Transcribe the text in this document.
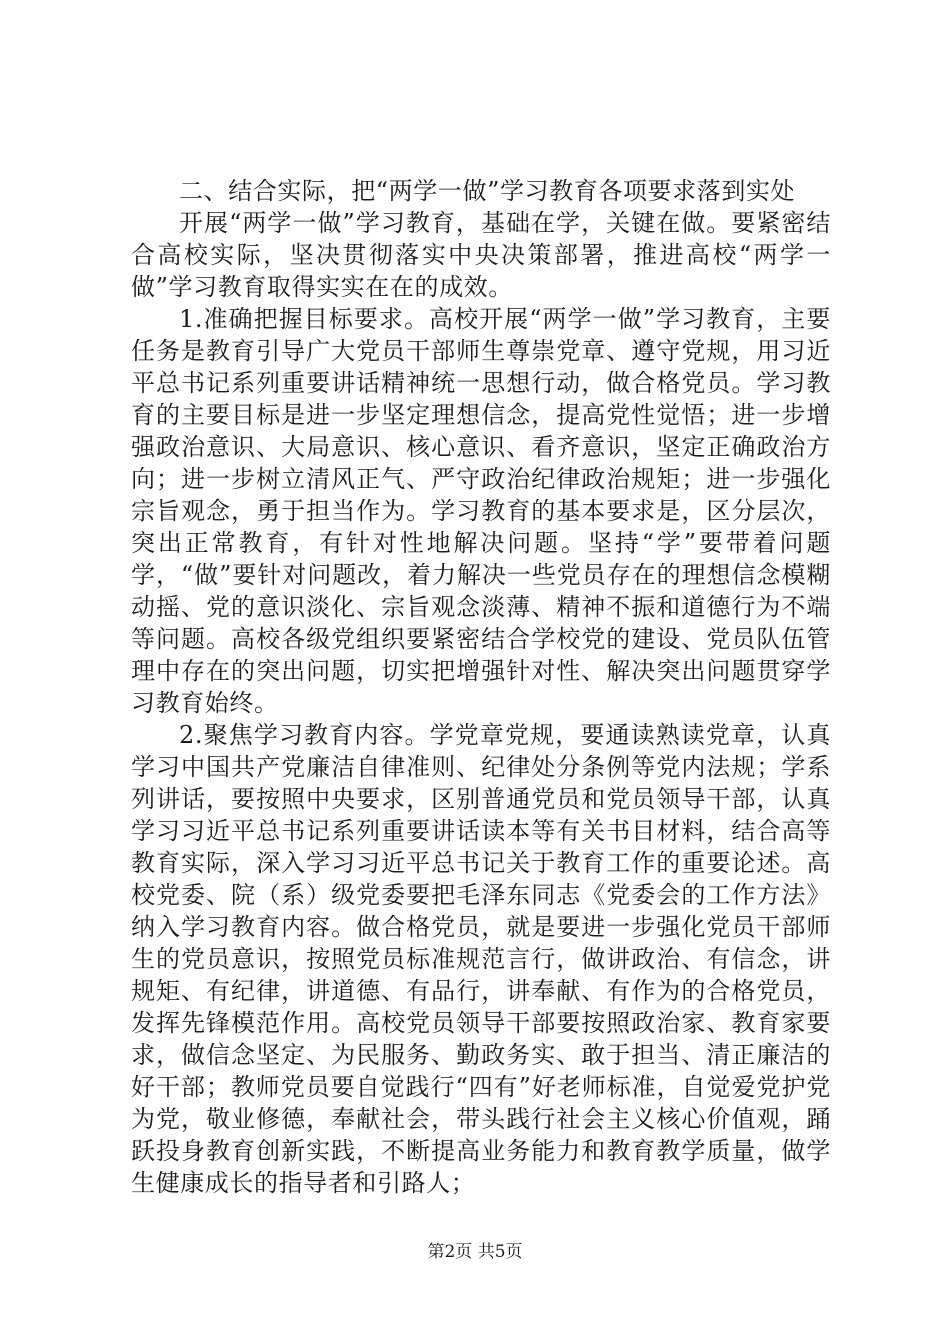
二、结合实际，把“两学一做”学习教育各项要求落到实处

开展“两学一做”学习教育，基础在学，关键在做。要紧密结合高校实际，坚决贯彻落实中央决策部署，推进高校“两学一做”学习教育取得实实在在的成效。

1.准确把握目标要求。高校开展“两学一做”学习教育，主要任务是教育引导广大党员干部师生尊崇党章、遵守党规，用习近平总书记系列重要讲话精神统一思想行动，做合格党员。学习教育的主要目标是进一步坚定理想信念，提高党性觉悟；进一步增强政治意识、大局意识、核心意识、看齐意识，坚定正确政治方向；进一步树立清风正气、严守政治纪律政治规矩；进一步强化宗旨观念，勇于担当作为。学习教育的基本要求是，区分层次，突出正常教育，有针对性地解决问题。坚持“学”要带着问题学，“做”要针对问题改，着力解决一些党员存在的理想信念模糊动摇、党的意识淡化、宗旨观念淡薄、精神不振和道德行为不端等问题。高校各级党组织要紧密结合学校党的建设、党员队伍管理中存在的突出问题，切实把增强针对性、解决突出问题贯穿学习教育始终。

2.聚焦学习教育内容。学党章党规，要通读熟读党章，认真学习中国共产党廉洁自律准则、纪律处分条例等党内法规；学系列讲话，要按照中央要求，区别普通党员和党员领导干部，认真学习习近平总书记系列重要讲话读本等有关书目材料，结合高等教育实际，深入学习习近平总书记关于教育工作的重要论述。高校党委、院（系）级党委要把毛泽东同志《党委会的工作方法》纳入学习教育内容。做合格党员，就是要进一步强化党员干部师生的党员意识，按照党员标准规范言行，做讲政治、有信念，讲规矩、有纪律，讲道德、有品行，讲奉献、有作为的合格党员，发挥先锋模范作用。高校党员领导干部要按照政治家、教育家要求，做信念坚定、为民服务、勤政务实、敢于担当、清正廉洁的好干部；教师党员要自觉践行“四有”好老师标准，自觉爱党护党为党，敬业修德，奉献社会，带头践行社会主义核心价值观，踊跃投身教育创新实践，不断提高业务能力和教育教学质量，做学生健康成长的指导者和引路人；

第2页 共5页
